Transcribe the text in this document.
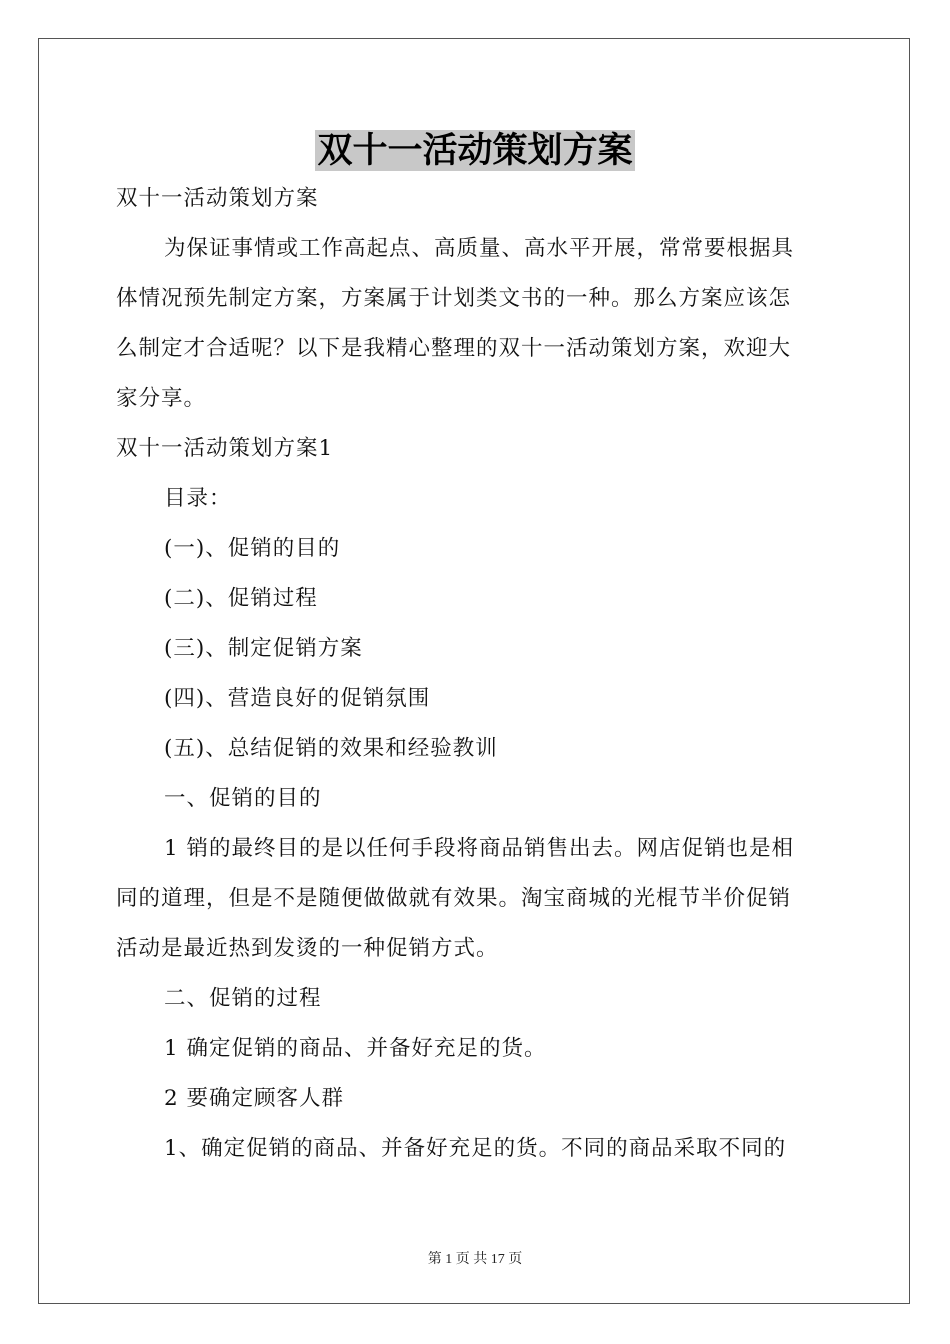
双十一活动策划方案
双十一活动策划方案
为保证事情或工作高起点、高质量、高水平开展，常常要根据具
体情况预先制定方案，方案属于计划类文书的一种。那么方案应该怎
么制定才合适呢？以下是我精心整理的双十一活动策划方案，欢迎大
家分享。
双十一活动策划方案1
目录：
(一)、促销的目的
(二)、促销过程
(三)、制定促销方案
(四)、营造良好的促销氛围
(五)、总结促销的效果和经验教训
一、促销的目的
1 销的最终目的是以任何手段将商品销售出去。网店促销也是相
同的道理，但是不是随便做做就有效果。淘宝商城的光棍节半价促销
活动是最近热到发烫的一种促销方式。
二、促销的过程
1 确定促销的商品、并备好充足的货。
2 要确定顾客人群
1、确定促销的商品、并备好充足的货。不同的商品采取不同的
第 1 页 共 17 页
